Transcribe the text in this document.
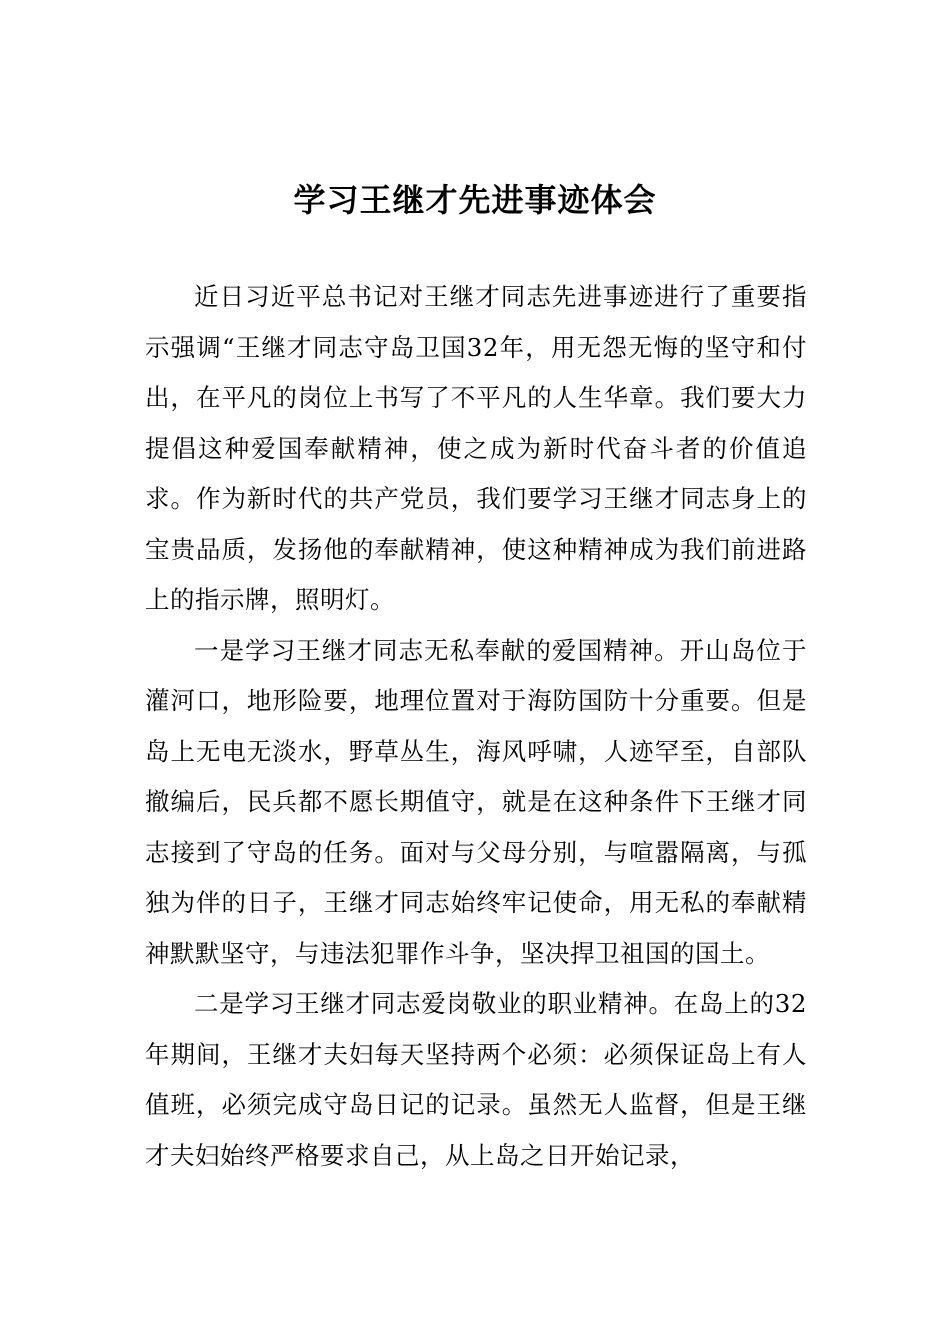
学习王继才先进事迹体会

近日习近平总书记对王继才同志先进事迹进行了重要指示强调“王继才同志守岛卫国32年，用无怨无悔的坚守和付出，在平凡的岗位上书写了不平凡的人生华章。我们要大力提倡这种爱国奉献精神，使之成为新时代奋斗者的价值追求。作为新时代的共产党员，我们要学习王继才同志身上的宝贵品质，发扬他的奉献精神，使这种精神成为我们前进路上的指示牌，照明灯。

一是学习王继才同志无私奉献的爱国精神。开山岛位于灌河口，地形险要，地理位置对于海防国防十分重要。但是岛上无电无淡水，野草丛生，海风呼啸，人迹罕至，自部队撤编后，民兵都不愿长期值守，就是在这种条件下王继才同志接到了守岛的任务。面对与父母分别，与喧嚣隔离，与孤独为伴的日子，王继才同志始终牢记使命，用无私的奉献精神默默坚守，与违法犯罪作斗争，坚决捍卫祖国的国土。

二是学习王继才同志爱岗敬业的职业精神。在岛上的32年期间，王继才夫妇每天坚持两个必须：必须保证岛上有人值班，必须完成守岛日记的记录。虽然无人监督，但是王继才夫妇始终严格要求自己，从上岛之日开始记录，
